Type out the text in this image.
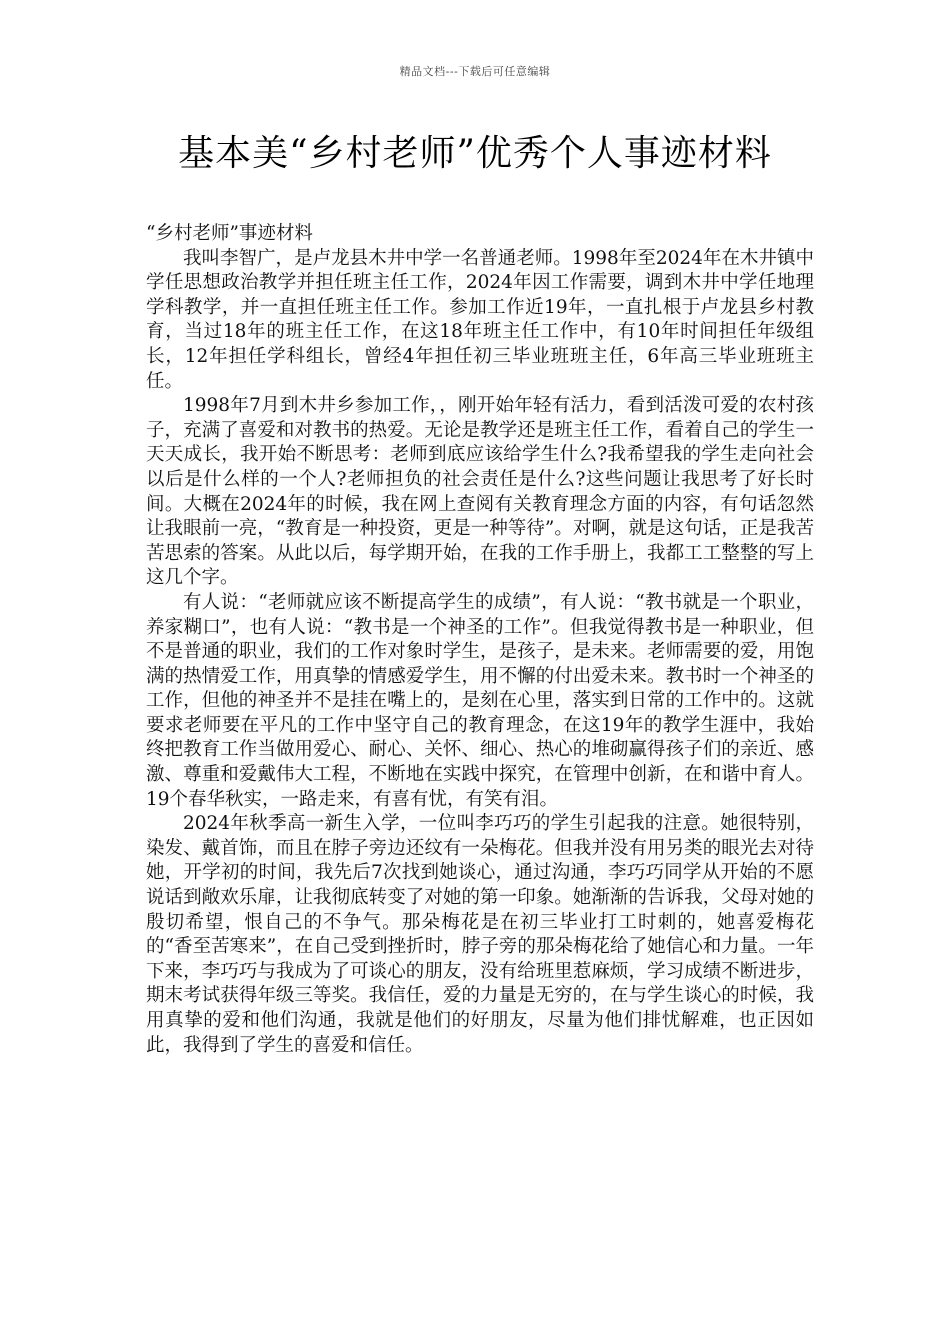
精品文档---下载后可任意编辑
基本美“乡村老师”优秀个人事迹材料

“乡村老师”事迹材料

我叫李智广，是卢龙县木井中学一名普通老师。1998年至2024年在木井镇中学任思想政治教学并担任班主任工作，2024年因工作需要，调到木井中学任地理学科教学，并一直担任班主任工作。参加工作近19年，一直扎根于卢龙县乡村教育，当过18年的班主任工作，在这18年班主任工作中，有10年时间担任年级组长，12年担任学科组长，曾经4年担任初三毕业班班主任，6年高三毕业班班主任。

1998年7月到木井乡参加工作，，刚开始年轻有活力，看到活泼可爱的农村孩子，充满了喜爱和对教书的热爱。无论是教学还是班主任工作，看着自己的学生一天天成长，我开始不断思考：老师到底应该给学生什么?我希望我的学生走向社会以后是什么样的一个人?老师担负的社会责任是什么?这些问题让我思考了好长时间。大概在2024年的时候，我在网上查阅有关教育理念方面的内容，有句话忽然让我眼前一亮，“教育是一种投资，更是一种等待”。对啊，就是这句话，正是我苦苦思索的答案。从此以后，每学期开始，在我的工作手册上，我都工工整整的写上这几个字。

有人说：“老师就应该不断提高学生的成绩”，有人说：“教书就是一个职业，养家糊口”，也有人说：“教书是一个神圣的工作”。但我觉得教书是一种职业，但不是普通的职业，我们的工作对象时学生，是孩子，是未来。老师需要的爱，用饱满的热情爱工作，用真挚的情感爱学生，用不懈的付出爱未来。教书时一个神圣的工作，但他的神圣并不是挂在嘴上的，是刻在心里，落实到日常的工作中的。这就要求老师要在平凡的工作中坚守自己的教育理念，在这19年的教学生涯中，我始终把教育工作当做用爱心、耐心、关怀、细心、热心的堆砌赢得孩子们的亲近、感激、尊重和爱戴伟大工程，不断地在实践中探究，在管理中创新，在和谐中育人。19个春华秋实，一路走来，有喜有忧，有笑有泪。

2024年秋季高一新生入学，一位叫李巧巧的学生引起我的注意。她很特别，染发、戴首饰，而且在脖子旁边还纹有一朵梅花。但我并没有用另类的眼光去对待她，开学初的时间，我先后7次找到她谈心，通过沟通，李巧巧同学从开始的不愿说话到敞欢乐扉，让我彻底转变了对她的第一印象。她渐渐的告诉我，父母对她的殷切希望，恨自己的不争气。那朵梅花是在初三毕业打工时刺的，她喜爱梅花的“香至苦寒来”，在自己受到挫折时，脖子旁的那朵梅花给了她信心和力量。一年下来，李巧巧与我成为了可谈心的朋友，没有给班里惹麻烦，学习成绩不断进步，期末考试获得年级三等奖。我信任，爱的力量是无穷的，在与学生谈心的时候，我用真挚的爱和他们沟通，我就是他们的好朋友，尽量为他们排忧解难，也正因如此，我得到了学生的喜爱和信任。
